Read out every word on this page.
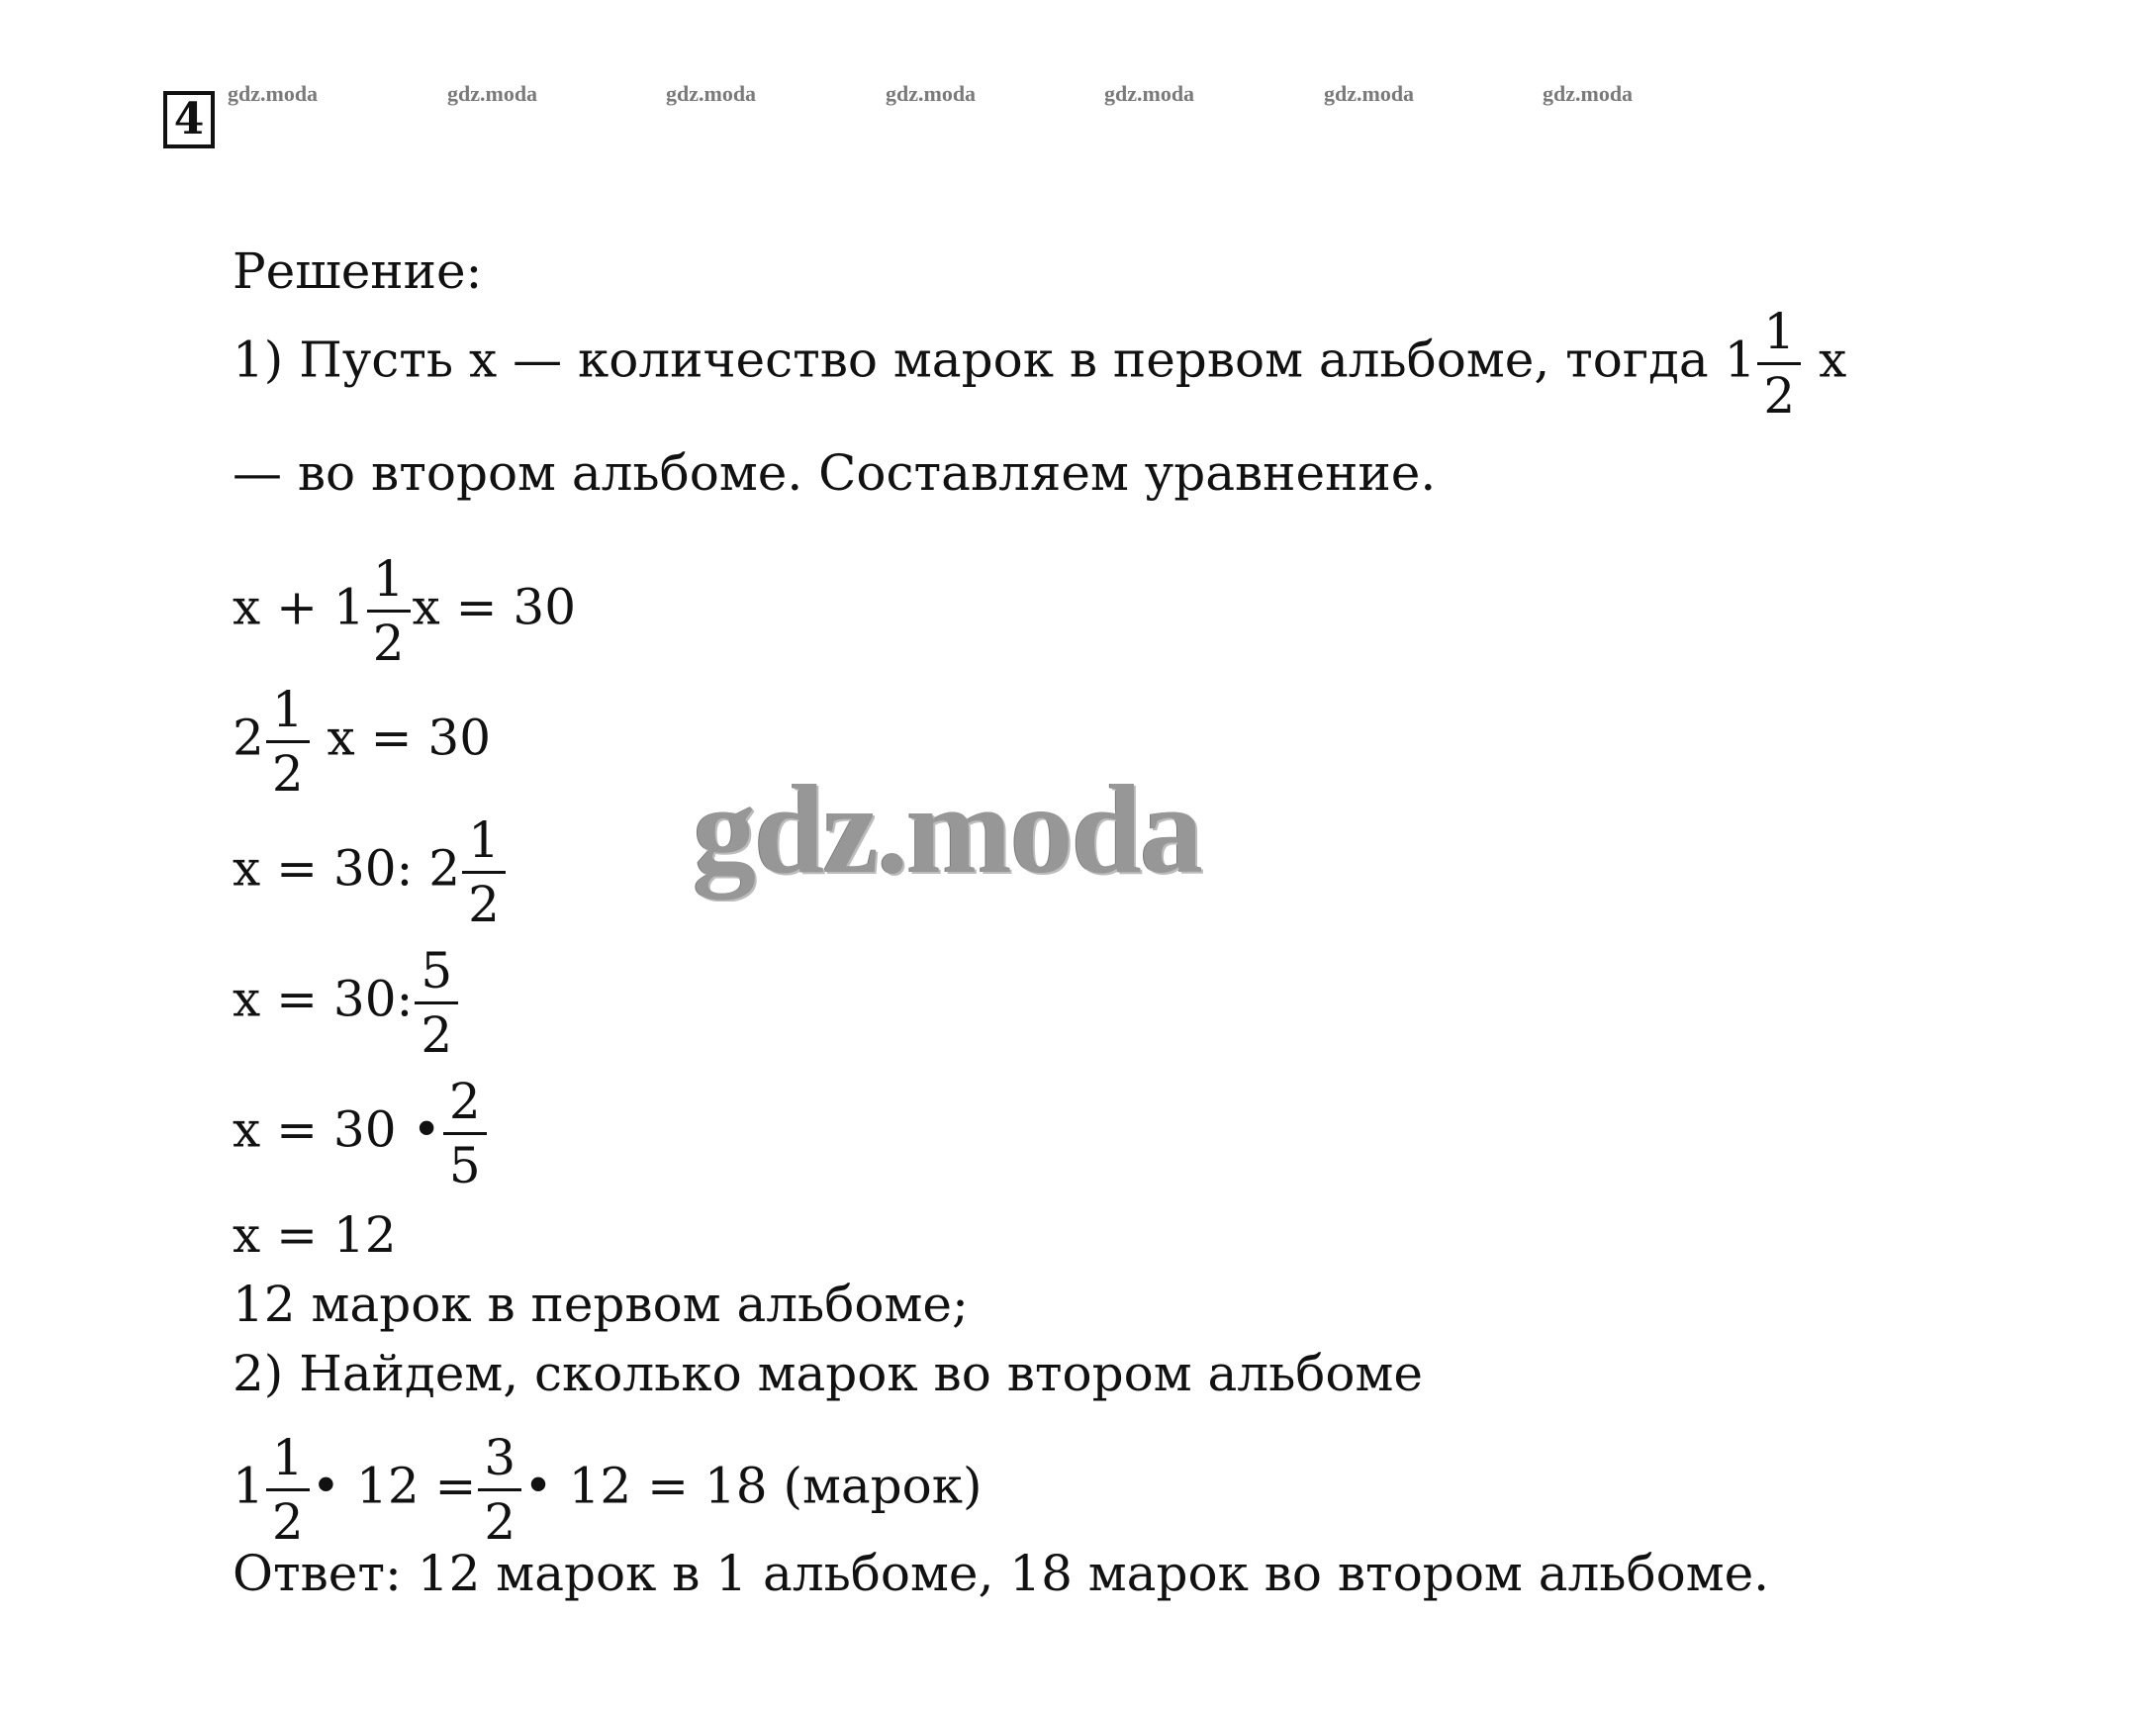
4
gdz.moda	gdz.moda	gdz.moda	gdz.moda	gdz.moda	gdz.moda	gdz.moda
Решение:
1) Пусть x — количество марок в первом альбоме, тогда $1 \frac{1}{2}$ x
— во втором альбоме. Составляем уравнение.
$x + 1 \frac{1}{2}$ x = 30
$2 \frac{1}{2}$ x = 30
x = 30: $2 \frac{1}{2}$
x = 30: $\frac{5}{2}$
x = 30 • $\frac{2}{5}$
x = 12
12 марок в первом альбоме;
2) Найдем, сколько марок во втором альбоме
$1 \frac{1}{2}$ • $12 = \frac{3}{2}$ • 12 = 18 (марок)
Ответ: 12 марок в 1 альбоме, 18 марок во втором альбоме.
gdz.moda
